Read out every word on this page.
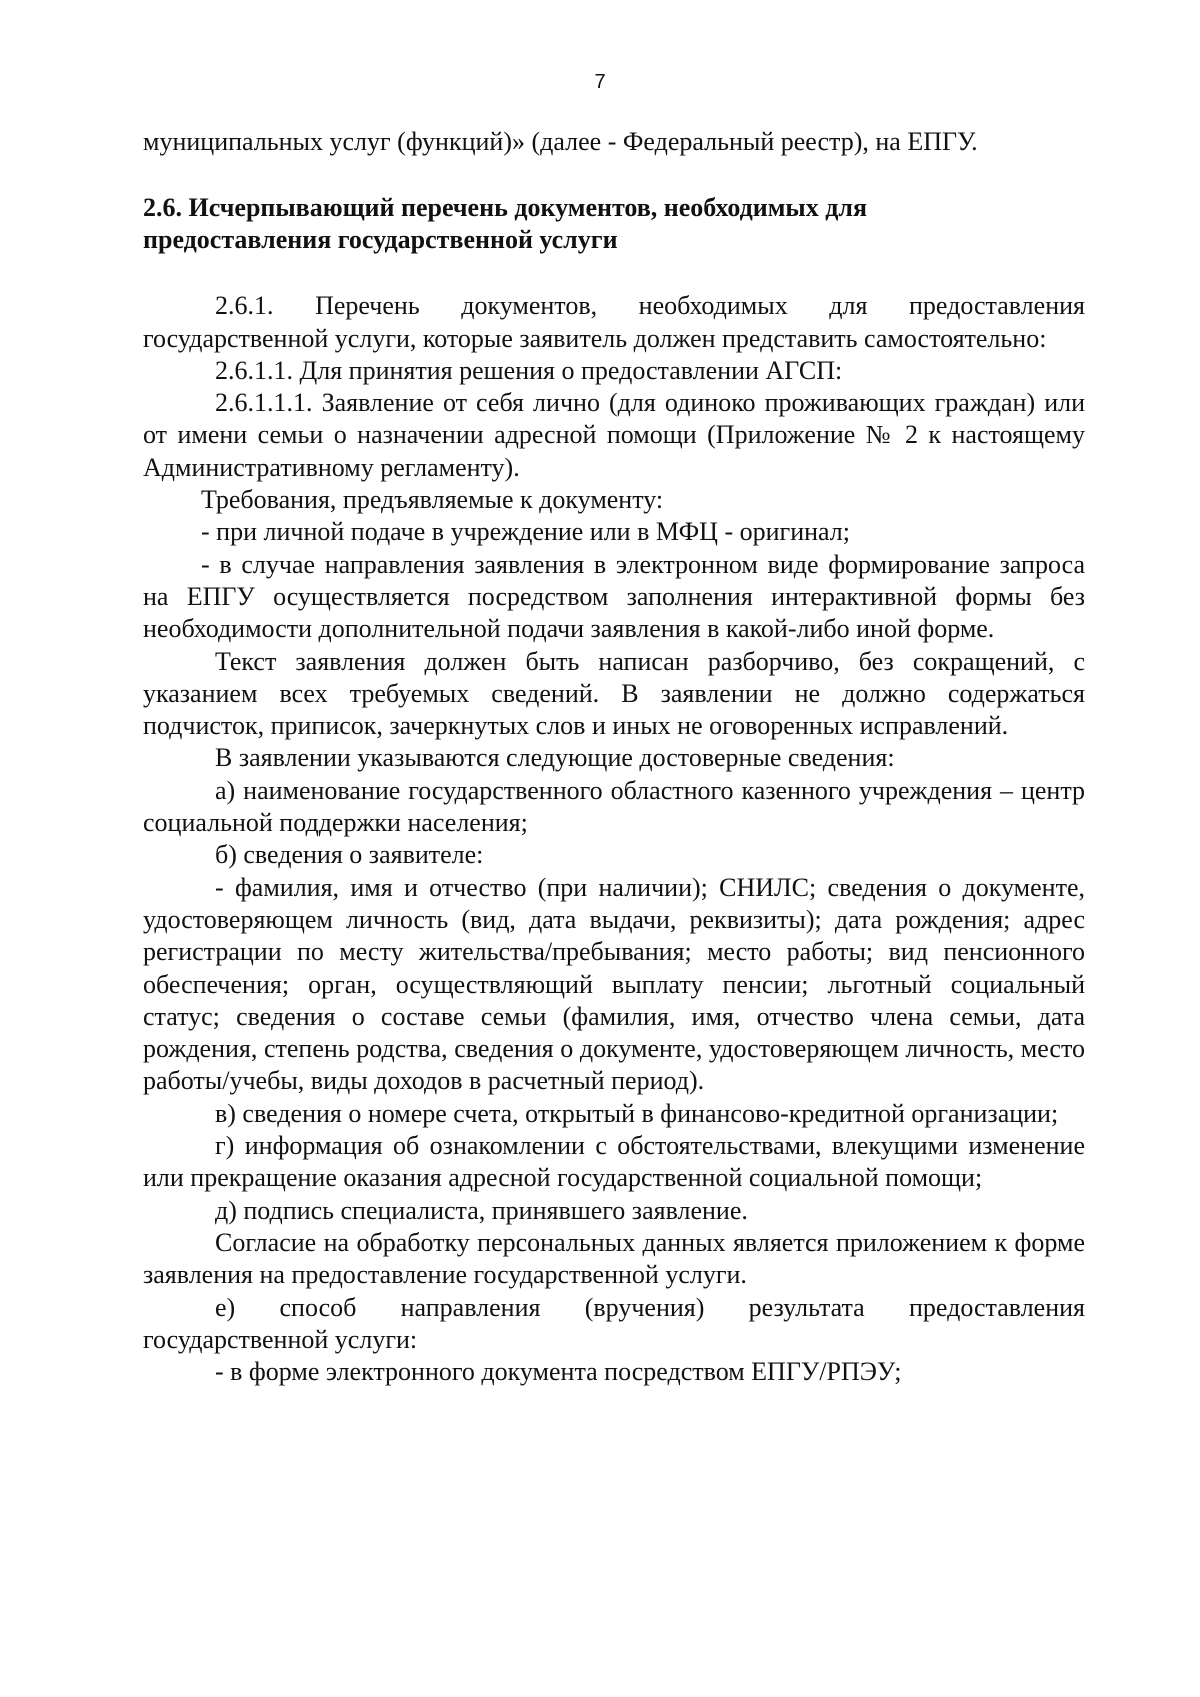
7

муниципальных услуг (функций)» (далее - Федеральный реестр), на ЕПГУ.

2.6. Исчерпывающий перечень документов, необходимых для

предоставления государственной услуги

2.6.1. Перечень документов, необходимых для предоставления государственной услуги, которые заявитель должен представить самостоятельно:

2.6.1.1. Для принятия решения о предоставлении АГСП:

2.6.1.1.1. Заявление от себя лично (для одиноко проживающих граждан) или от имени семьи о назначении адресной помощи (Приложение № 2 к настоящему Административному регламенту).

Требования, предъявляемые к документу:

- при личной подаче в учреждение или в МФЦ - оригинал;

- в случае направления заявления в электронном виде формирование запроса на ЕПГУ осуществляется посредством заполнения интерактивной формы без необходимости дополнительной подачи заявления в какой-либо иной форме.

Текст заявления должен быть написан разборчиво, без сокращений, с указанием всех требуемых сведений. В заявлении не должно содержаться подчисток, приписок, зачеркнутых слов и иных не оговоренных исправлений.

В заявлении указываются следующие достоверные сведения:

а) наименование государственного областного казенного учреждения – центр социальной поддержки населения;

б) сведения о заявителе:

- фамилия, имя и отчество (при наличии); СНИЛС; сведения о документе, удостоверяющем личность (вид, дата выдачи, реквизиты); дата рождения; адрес регистрации по месту жительства/пребывания; место работы; вид пенсионного обеспечения; орган, осуществляющий выплату пенсии; льготный социальный статус; сведения о составе семьи (фамилия, имя, отчество члена семьи, дата рождения, степень родства, сведения о документе, удостоверяющем личность, место работы/учебы, виды доходов в расчетный период).

в) сведения о номере счета, открытый в финансово-кредитной организации;

г) информация об ознакомлении с обстоятельствами, влекущими изменение или прекращение оказания адресной государственной социальной помощи;

д) подпись специалиста, принявшего заявление.

Согласие на обработку персональных данных является приложением к форме заявления на предоставление государственной услуги.

е) способ направления (вручения) результата предоставления государственной услуги:

- в форме электронного документа посредством ЕПГУ/РПЭУ;
